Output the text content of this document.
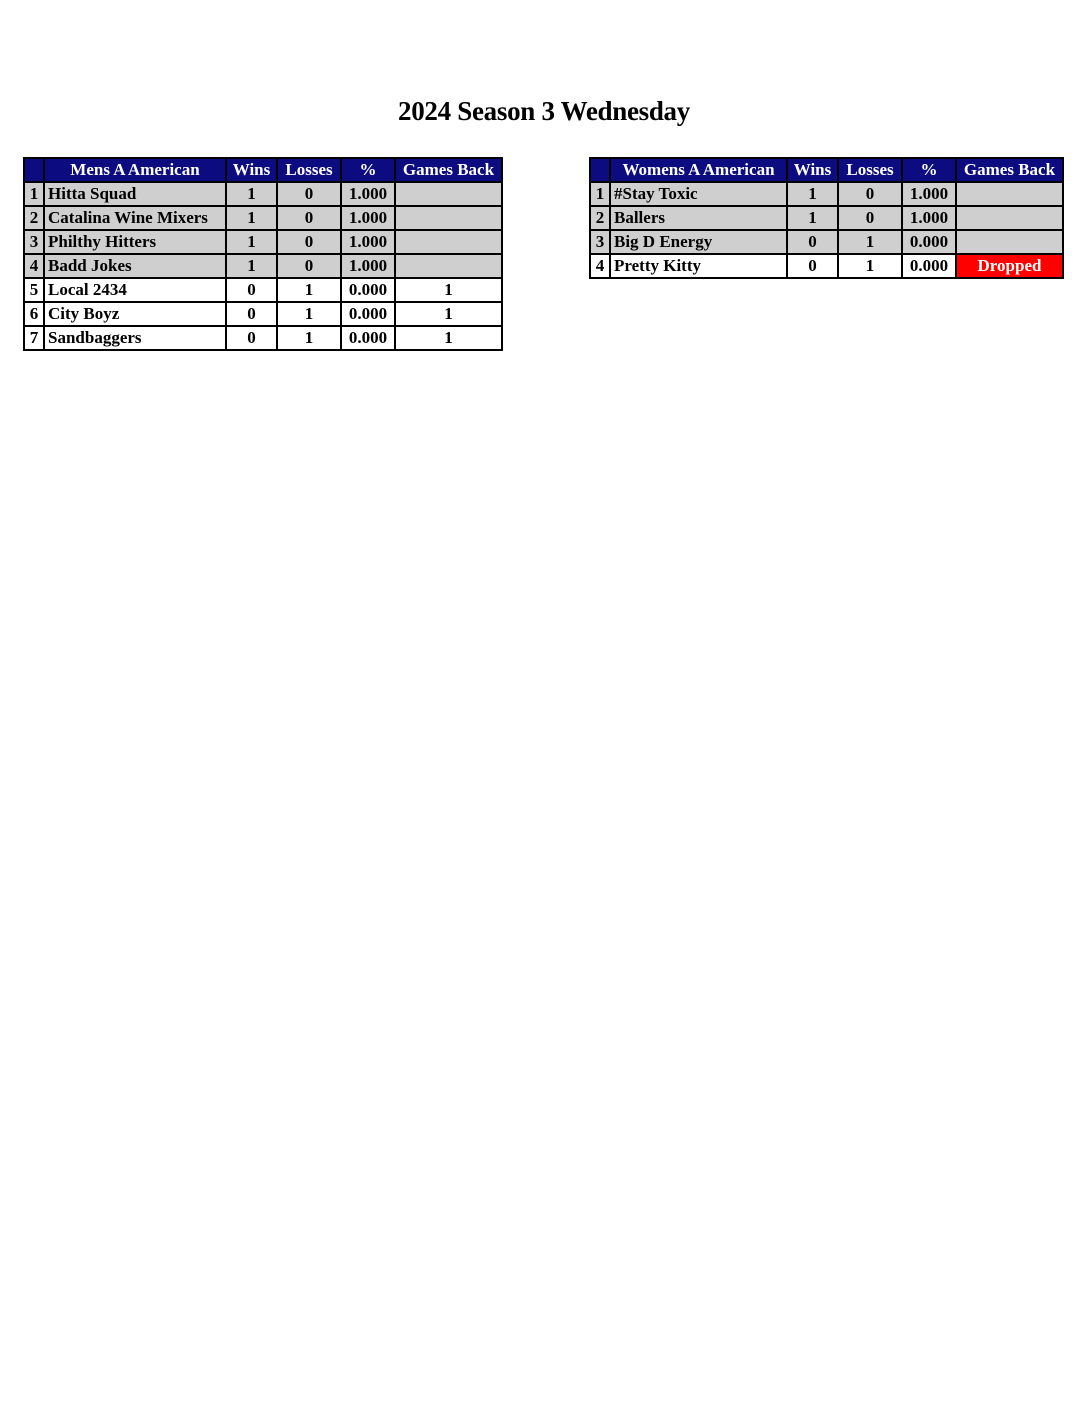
2024 Season 3 Wednesday
	Mens A American	Wins	Losses	%	Games Back
1	Hitta Squad	1	0	1.000	
2	Catalina Wine Mixers	1	0	1.000	
3	Philthy Hitters	1	0	1.000	
4	Badd Jokes	1	0	1.000	
5	Local 2434	0	1	0.000	1
6	City Boyz	0	1	0.000	1
7	Sandbaggers	0	1	0.000	1
	Womens A American	Wins	Losses	%	Games Back
1	#Stay Toxic	1	0	1.000	
2	Ballers	1	0	1.000	
3	Big D Energy	0	1	0.000	
4	Pretty Kitty	0	1	0.000	Dropped
